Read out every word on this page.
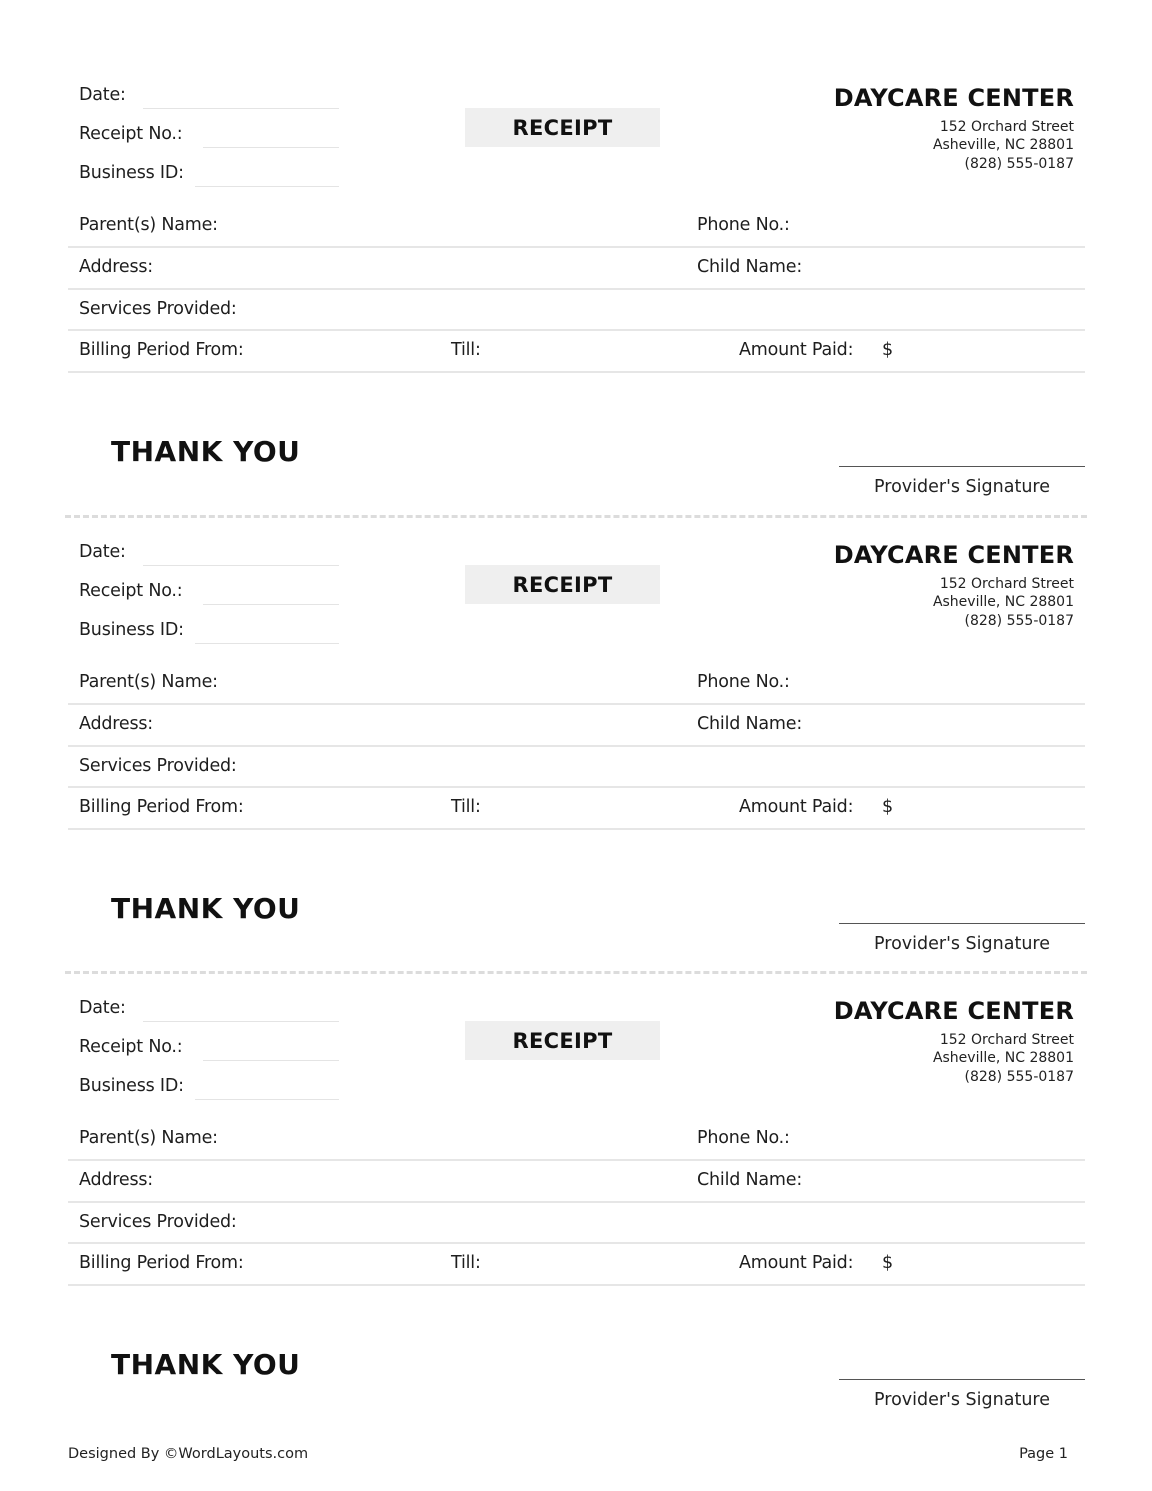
Date:
Receipt No.:
Business ID:
RECEIPT
DAYCARE CENTER
152 Orchard Street
Asheville, NC 28801
(828) 555-0187
Parent(s) Name:	Phone No.:
Address:	Child Name:
Services Provided:
Billing Period From:	Till:	Amount Paid: $
THANK YOU
Provider's Signature
Date:
Receipt No.:
Business ID:
RECEIPT
DAYCARE CENTER
152 Orchard Street
Asheville, NC 28801
(828) 555-0187
Parent(s) Name:	Phone No.:
Address:	Child Name:
Services Provided:
Billing Period From:	Till:	Amount Paid: $
THANK YOU
Provider's Signature
Date:
Receipt No.:
Business ID:
RECEIPT
DAYCARE CENTER
152 Orchard Street
Asheville, NC 28801
(828) 555-0187
Parent(s) Name:	Phone No.:
Address:	Child Name:
Services Provided:
Billing Period From:	Till:	Amount Paid: $
THANK YOU
Provider's Signature
Designed By ©WordLayouts.com	Page 1
